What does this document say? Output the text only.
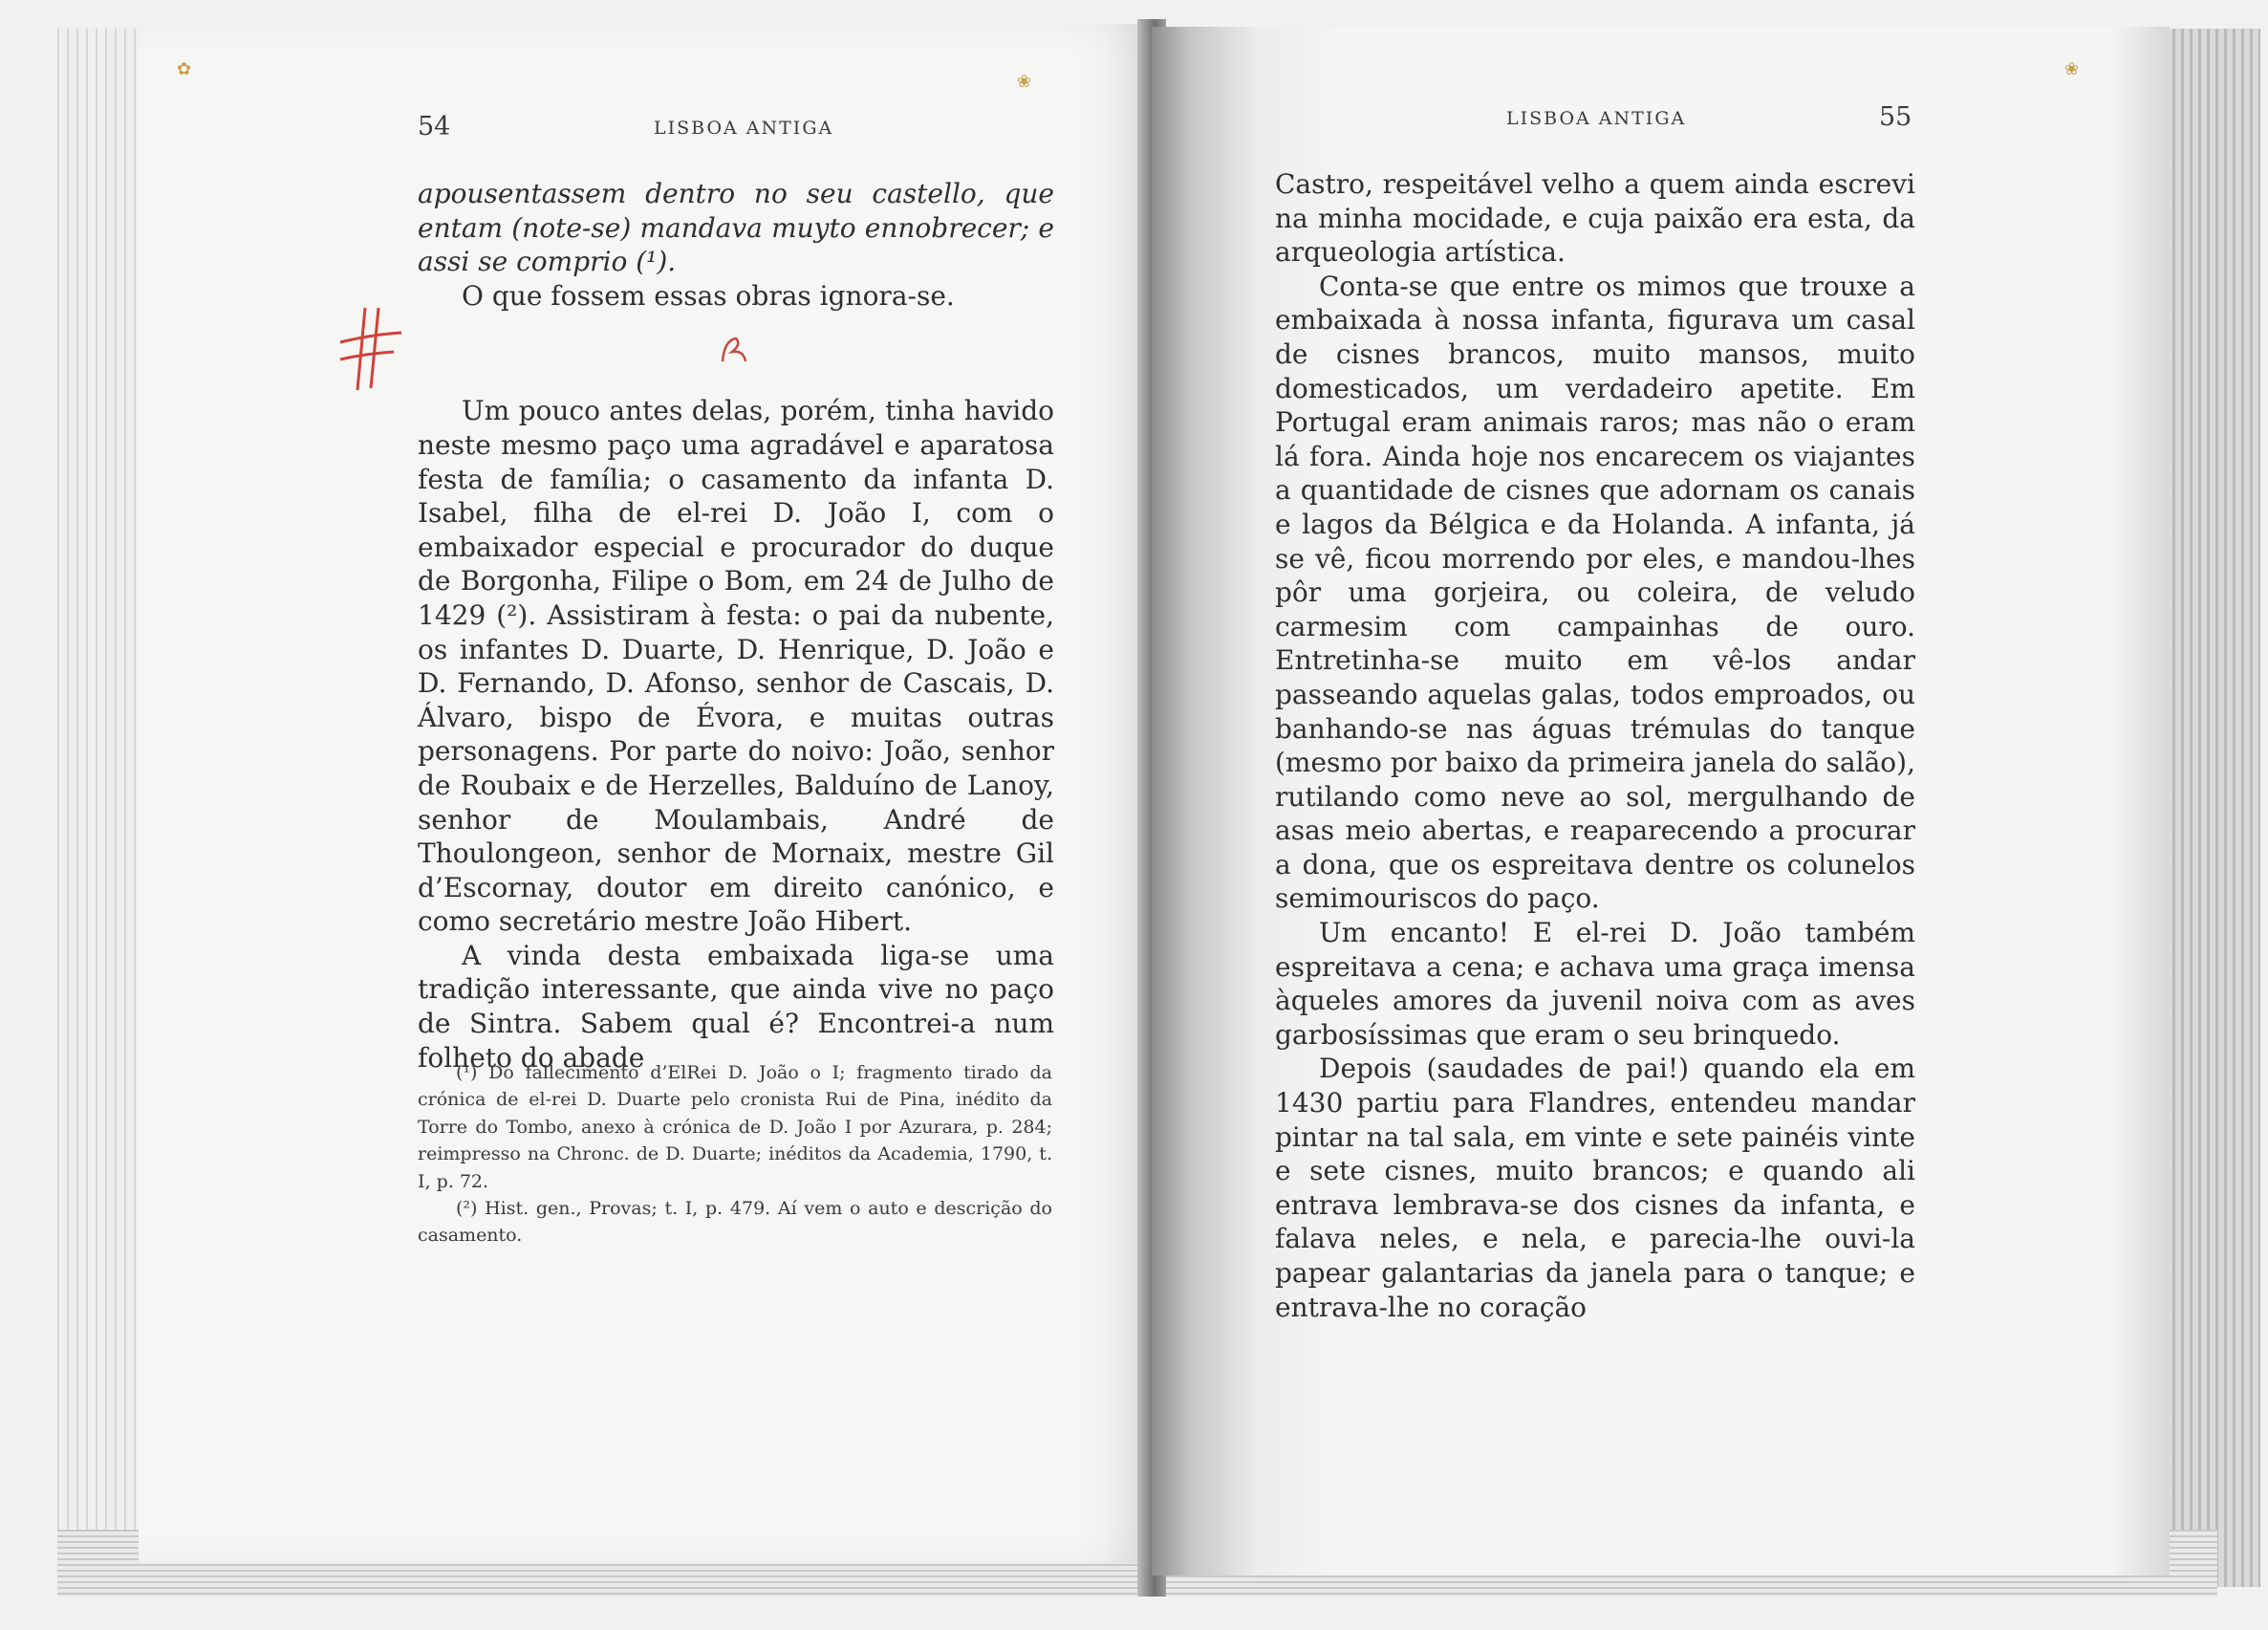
54	LISBOA ANTIGA

apousentassem dentro no seu castello, que entam (note-se) mandava muyto ennobrecer; e assi se comprio (¹).

O que fossem essas obras ignora-se.

Um pouco antes delas, porém, tinha havido neste mesmo paço uma agradável e aparatosa festa de família; o casamento da infanta D. Isabel, filha de el-rei D. João I, com o embaixador especial e procurador do duque de Borgonha, Filipe o Bom, em 24 de Julho de 1429 (²). Assistiram à festa: o pai da nubente, os infantes D. Duarte, D. Henrique, D. João e D. Fernando, D. Afonso, senhor de Cascais, D. Álvaro, bispo de Évora, e muitas outras personagens. Por parte do noivo: João, senhor de Roubaix e de Herzelles, Balduíno de Lanoy, senhor de Moulambais, André de Thoulongeon, senhor de Mornaix, mestre Gil d’Escornay, doutor em direito canónico, e como secretário mestre João Hibert.

A vinda desta embaixada liga-se uma tradição interessante, que ainda vive no paço de Sintra. Sabem qual é? Encontrei-a num folheto do abade

(¹) Do fallecimento d’ElRei D. João o I; fragmento tirado da crónica de el-rei D. Duarte pelo cronista Rui de Pina, inédito da Torre do Tombo, anexo à crónica de D. João I por Azurara, p. 284; reimpresso na Chronc. de D. Duarte; inéditos da Academia, 1790, t. I, p. 72.

(²) Hist. gen., Provas; t. I, p. 479. Aí vem o auto e descrição do casamento.

LISBOA ANTIGA	55

Castro, respeitável velho a quem ainda escrevi na minha mocidade, e cuja paixão era esta, da arqueologia artística.

Conta-se que entre os mimos que trouxe a embaixada à nossa infanta, figurava um casal de cisnes brancos, muito mansos, muito domesticados, um verdadeiro apetite. Em Portugal eram animais raros; mas não o eram lá fora. Ainda hoje nos encarecem os viajantes a quantidade de cisnes que adornam os canais e lagos da Bélgica e da Holanda. A infanta, já se vê, ficou morrendo por eles, e mandou-lhes pôr uma gorjeira, ou coleira, de veludo carmesim com campainhas de ouro. Entretinha-se muito em vê-los andar passeando aquelas galas, todos emproados, ou banhando-se nas águas trémulas do tanque (mesmo por baixo da primeira janela do salão), rutilando como neve ao sol, mergulhando de asas meio abertas, e reaparecendo a procurar a dona, que os espreitava dentre os colunelos semimouriscos do paço.

Um encanto! E el-rei D. João também espreitava a cena; e achava uma graça imensa àqueles amores da juvenil noiva com as aves garbosíssimas que eram o seu brinquedo.

Depois (saudades de pai!) quando ela em 1430 partiu para Flandres, entendeu mandar pintar na tal sala, em vinte e sete painéis vinte e sete cisnes, muito brancos; e quando ali entrava lembrava-se dos cisnes da infanta, e falava neles, e nela, e parecia-lhe ouvi-la papear galantarias da janela para o tanque; e entrava-lhe no coração

✿
❀
❀
